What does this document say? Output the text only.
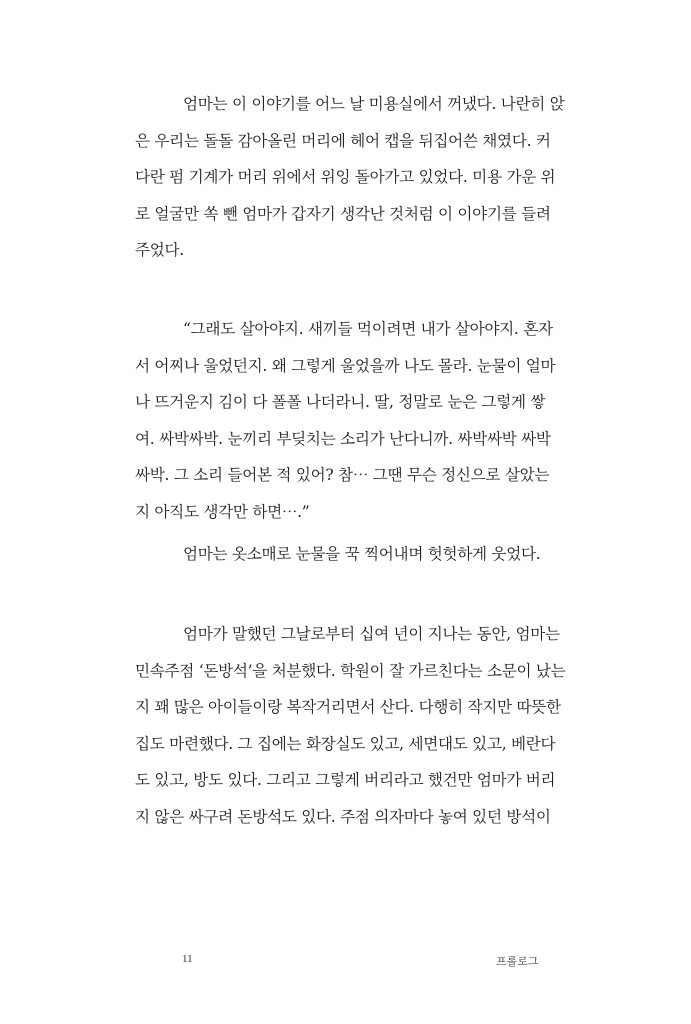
엄마는 이 이야기를 어느 날 미용실에서 꺼냈다. 나란히 앉
은 우리는 돌돌 감아올린 머리에 헤어 캡을 뒤집어쓴 채였다. 커
다란 펌 기계가 머리 위에서 위잉 돌아가고 있었다. 미용 가운 위
로 얼굴만 쏙 뺀 엄마가 갑자기 생각난 것처럼 이 이야기를 들려
주었다.
“그래도 살아야지. 새끼들 먹이려면 내가 살아야지. 혼자
서 어찌나 울었던지. 왜 그렇게 울었을까 나도 몰라. 눈물이 얼마
나 뜨거운지 김이 다 폴폴 나더라니. 딸, 정말로 눈은 그렇게 쌓
여. 싸박싸박. 눈끼리 부딪치는 소리가 난다니까. 싸박싸박 싸박
싸박. 그 소리 들어본 적 있어? 참⋯ 그땐 무슨 정신으로 살았는
지 아직도 생각만 하면⋯.”
엄마는 옷소매로 눈물을 꾹 찍어내며 헛헛하게 웃었다.
엄마가 말했던 그날로부터 십여 년이 지나는 동안, 엄마는
민속주점 ‘돈방석’을 처분했다. 학원이 잘 가르친다는 소문이 났는
지 꽤 많은 아이들이랑 복작거리면서 산다. 다행히 작지만 따뜻한
집도 마련했다. 그 집에는 화장실도 있고, 세면대도 있고, 베란다
도 있고, 방도 있다. 그리고 그렇게 버리라고 했건만 엄마가 버리
지 않은 싸구려 돈방석도 있다. 주점 의자마다 놓여 있던 방석이
11	프롤로그
